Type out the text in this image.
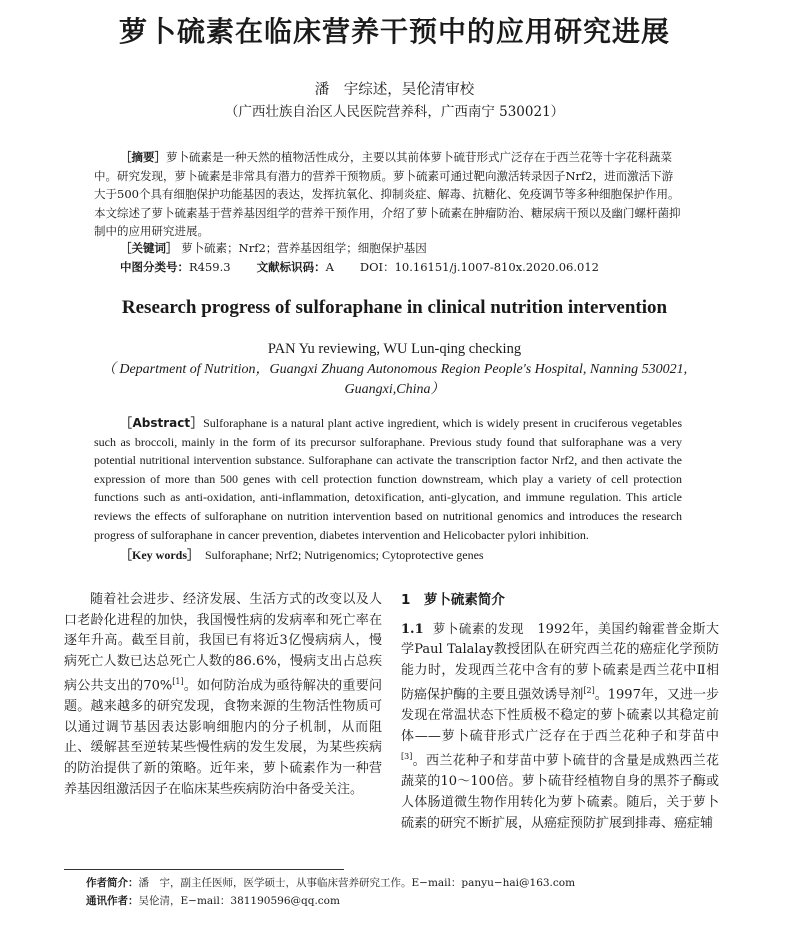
萝卜硫素在临床营养干预中的应用研究进展
潘　宇综述，吴伦清审校
（广西壮族自治区人民医院营养科，广西南宁 530021）
［摘要］萝卜硫素是一种天然的植物活性成分，主要以其前体萝卜硫苷形式广泛存在于西兰花等十字花科蔬菜中。研究发现，萝卜硫素是非常具有潜力的营养干预物质。萝卜硫素可通过靶向激活转录因子Nrf2，进而激活下游大于500个具有细胞保护功能基因的表达，发挥抗氧化、抑制炎症、解毒、抗糖化、免疫调节等多种细胞保护作用。本文综述了萝卜硫素基于营养基因组学的营养干预作用，介绍了萝卜硫素在肿瘤防治、糖尿病干预以及幽门螺杆菌抑制中的应用研究进展。
［关键词］ 萝卜硫素；Nrf2；营养基因组学；细胞保护基因
中图分类号：R459.3 文献标识码：A DOI：10.16151/j.1007-810x.2020.06.012
Research progress of sulforaphane in clinical nutrition intervention
PAN Yu reviewing, WU Lun-qing checking
（ Department of Nutrition，Guangxi Zhuang Autonomous Region People's Hospital, Nanning 530021,
Guangxi,China）
［Abstract］Sulforaphane is a natural plant active ingredient, which is widely present in cruciferous vegetables such as broccoli, mainly in the form of its precursor sulforaphane. Previous study found that sulforaphane was a very potential nutritional intervention substance. Sulforaphane can activate the transcription factor Nrf2, and then activate the expression of more than 500 genes with cell protection function downstream, which play a variety of cell protection functions such as anti-oxidation, anti-inflammation, detoxification, anti-glycation, and immune regulation. This article reviews the effects of sulforaphane on nutrition intervention based on nutritional genomics and introduces the research progress of sulforaphane in cancer prevention, diabetes intervention and Helicobacter pylori inhibition.
［Key words］ Sulforaphane; Nrf2; Nutrigenomics; Cytoprotective genes
随着社会进步、经济发展、生活方式的改变以及人口老龄化进程的加快，我国慢性病的发病率和死亡率在逐年升高。截至目前，我国已有将近3亿慢病病人，慢病死亡人数已达总死亡人数的86.6%，慢病支出占总疾病公共支出的70%[1]。如何防治成为亟待解决的重要问题。越来越多的研究发现，食物来源的生物活性物质可以通过调节基因表达影响细胞内的分子机制，从而阻止、缓解甚至逆转某些慢性病的发生发展，为某些疾病的防治提供了新的策略。近年来，萝卜硫素作为一种营养基因组激活因子在临床某些疾病防治中备受关注。
1　萝卜硫素简介
1.1 萝卜硫素的发现　1992年，美国约翰霍普金斯大学Paul Talalay教授团队在研究西兰花的癌症化学预防能力时，发现西兰花中含有的萝卜硫素是西兰花中Ⅱ相防癌保护酶的主要且强效诱导剂[2]。1997年，又进一步发现在常温状态下性质极不稳定的萝卜硫素以其稳定前体——萝卜硫苷形式广泛存在于西兰花种子和芽苗中[3]。西兰花种子和芽苗中萝卜硫苷的含量是成熟西兰花蔬菜的10～100倍。萝卜硫苷经植物自身的黑芥子酶或人体肠道微生物作用转化为萝卜硫素。随后，关于萝卜硫素的研究不断扩展，从癌症预防扩展到排毒、癌症辅
作者简介：潘　宇，副主任医师，医学硕士，从事临床营养研究工作。E−mail：panyu−hai@163.com
通讯作者：吴伦清，E−mail：381190596@qq.com
